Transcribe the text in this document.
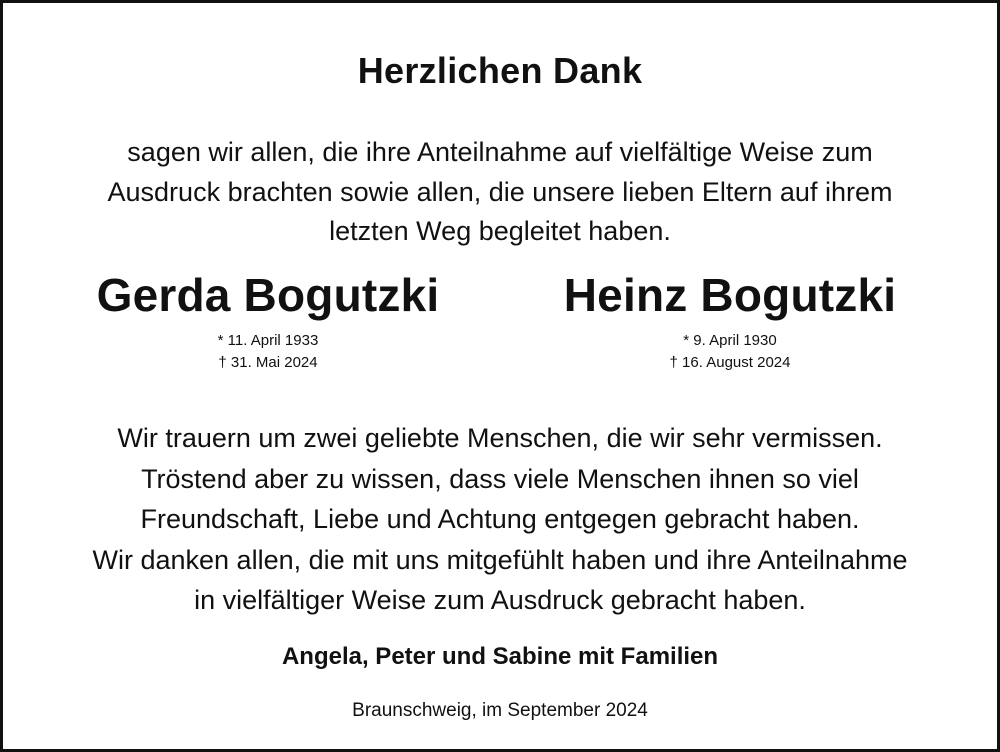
Herzlichen Dank
sagen wir allen, die ihre Anteilnahme auf vielfältige Weise zum
Ausdruck brachten sowie allen, die unsere lieben Eltern auf ihrem
letzten Weg begleitet haben.
Gerda Bogutzki
* 11. April 1933
† 31. Mai 2024
Heinz Bogutzki
* 9. April 1930
† 16. August 2024
Wir trauern um zwei geliebte Menschen, die wir sehr vermissen.
Tröstend aber zu wissen, dass viele Menschen ihnen so viel
Freundschaft, Liebe und Achtung entgegen gebracht haben.
Wir danken allen, die mit uns mitgefühlt haben und ihre Anteilnahme
in vielfältiger Weise zum Ausdruck gebracht haben.
Angela, Peter und Sabine mit Familien
Braunschweig, im September 2024
